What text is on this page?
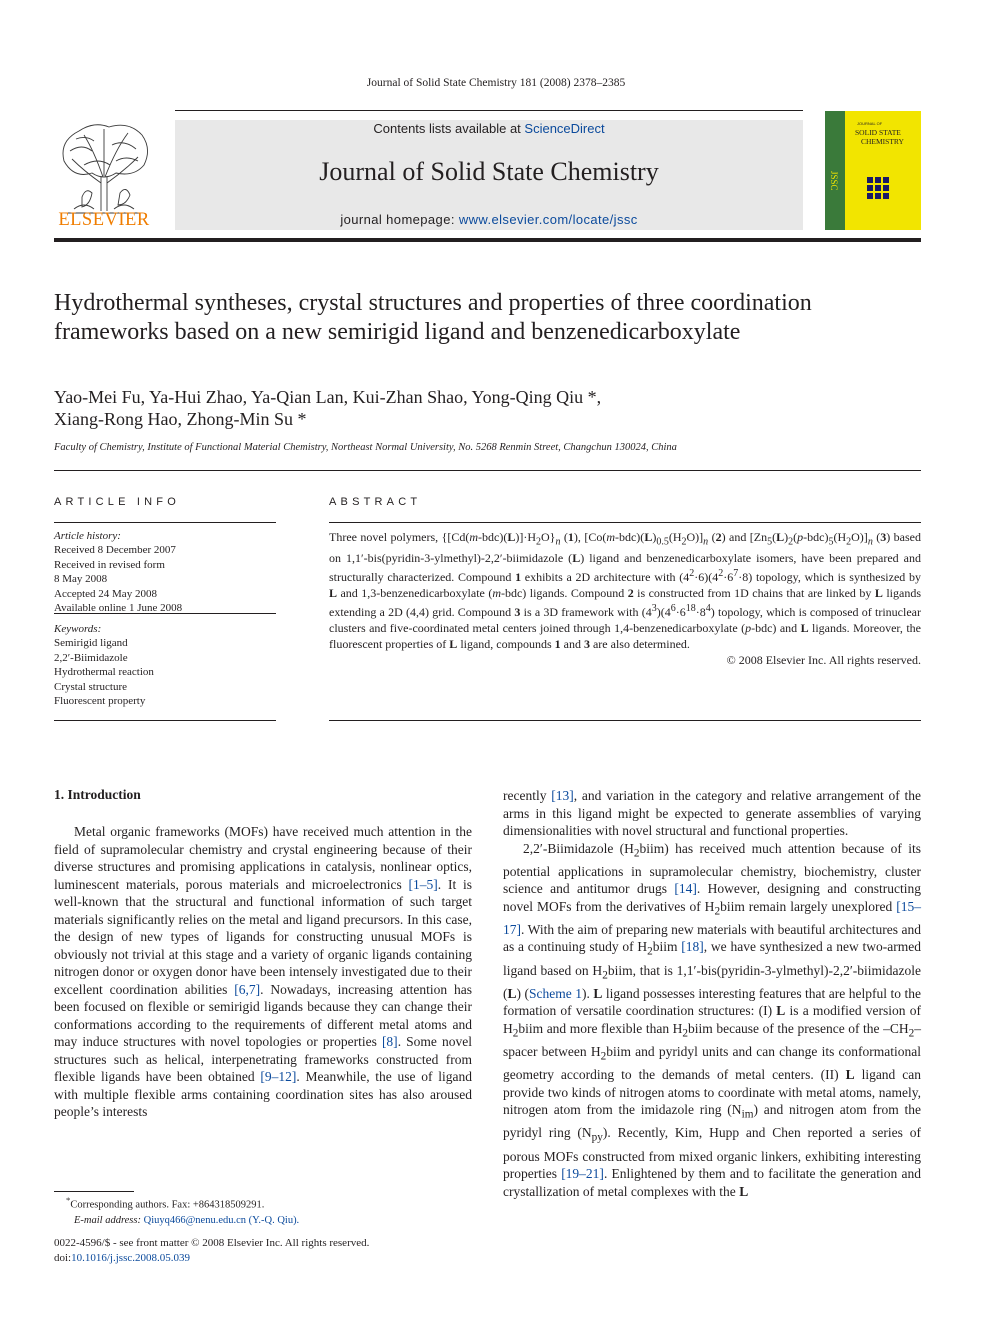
Journal of Solid State Chemistry 181 (2008) 2378–2385
ELSEVIER
Contents lists available at ScienceDirect
Journal of Solid State Chemistry
journal homepage: www.elsevier.com/locate/jssc
JOURNAL OF
SOLID STATE
CHEMISTRY
JSSC
Hydrothermal syntheses, crystal structures and properties of three coordination frameworks based on a new semirigid ligand and benzenedicarboxylate
Yao-Mei Fu, Ya-Hui Zhao, Ya-Qian Lan, Kui-Zhan Shao, Yong-Qing Qiu *,
Xiang-Rong Hao, Zhong-Min Su *
Faculty of Chemistry, Institute of Functional Material Chemistry, Northeast Normal University, No. 5268 Renmin Street, Changchun 130024, China
ARTICLE INFO
Article history:
Received 8 December 2007
Received in revised form
8 May 2008
Accepted 24 May 2008
Available online 1 June 2008
Keywords:
Semirigid ligand
2,2′-Biimidazole
Hydrothermal reaction
Crystal structure
Fluorescent property
ABSTRACT
Three novel polymers, $\{[Cd(m-bdc)(L)]\cdot H_2O\}_n$ (1), $[Co(m-bdc)(L)_{0.5}(H_2O)]_n$ (2) and $[Zn_5(L)_2(p-bdc)_5(H_2O)]_n$ (3) based on 1,1′-bis(pyridin-3-ylmethyl)-2,2′-biimidazole (L) ligand and benzenedicarboxylate isomers, have been prepared and structurally characterized. Compound 1 exhibits a 2D architecture with $(4^2\cdot 6)(4^2\cdot 6^7\cdot 8)$ topology, which is synthesized by L and 1,3-benzenedicarboxylate (m-bdc) ligands. Compound 2 is constructed from 1D chains that are linked by L ligands extending a 2D (4,4) grid. Compound 3 is a 3D framework with $(4^3)(4^6\cdot 6^{18}\cdot 8^4)$ topology, which is composed of trinuclear clusters and five-coordinated metal centers joined through 1,4-benzenedicarboxylate (p-bdc) and L ligands. Moreover, the fluorescent properties of L ligand, compounds 1 and 3 are also determined.
© 2008 Elsevier Inc. All rights reserved.
1. Introduction

Metal organic frameworks (MOFs) have received much attention in the field of supramolecular chemistry and crystal engineering because of their diverse structures and promising applications in catalysis, nonlinear optics, luminescent materials, porous materials and microelectronics [1–5]. It is well-known that the structural and functional information of such target materials significantly relies on the metal and ligand precursors. In this case, the design of new types of ligands for constructing unusual MOFs is obviously not trivial at this stage and a variety of organic ligands containing nitrogen donor or oxygen donor have been intensely investigated due to their excellent coordination abilities [6,7]. Nowadays, increasing attention has been focused on flexible or semirigid ligands because they can change their conformations according to the requirements of different metal atoms and may induce structures with novel topologies or properties [8]. Some novel structures such as helical, interpenetrating frameworks constructed from flexible ligands have been obtained [9–12]. Meanwhile, the use of ligand with multiple flexible arms containing coordination sites has also aroused people’s interests

recently [13], and variation in the category and relative arrangement of the arms in this ligand might be expected to generate assemblies of varying dimensionalities with novel structural and functional properties.

2,2′-Biimidazole $(H_2biim)$ has received much attention because of its potential applications in supramolecular chemistry, biochemistry, cluster science and antitumor drugs [14]. However, designing and constructing novel MOFs from the derivatives of $H_2biim$ remain largely unexplored [15–17]. With the aim of preparing new materials with beautiful architectures and as a continuing study of $H_2biim$ [18], we have synthesized a new two-armed ligand based on $H_2biim$, that is 1,1′-bis(pyridin-3-ylmethyl)-2,2′-biimidazole (L) (Scheme 1). L ligand possesses interesting features that are helpful to the formation of versatile coordination structures: (I) L is a modified version of $H_2biim$ and more flexible than $H_2biim$ because of the presence of the $-CH_2-$ spacer between $H_2biim$ and pyridyl units and can change its conformational geometry according to the demands of metal centers. (II) L ligand can provide two kinds of nitrogen atoms to coordinate with metal atoms, namely, nitrogen atom from the imidazole ring $(N_{im})$ and nitrogen atom from the pyridyl ring $(N_{py})$. Recently, Kim, Hupp and Chen reported a series of porous MOFs constructed from mixed organic linkers, exhibiting interesting properties [19–21]. Enlightened by them and to facilitate the generation and crystallization of metal complexes with the L

*Corresponding authors. Fax: +864318509291.
E-mail address: Qiuyq466@nenu.edu.cn (Y.-Q. Qiu).
0022-4596/$ - see front matter © 2008 Elsevier Inc. All rights reserved.
doi:10.1016/j.jssc.2008.05.039
